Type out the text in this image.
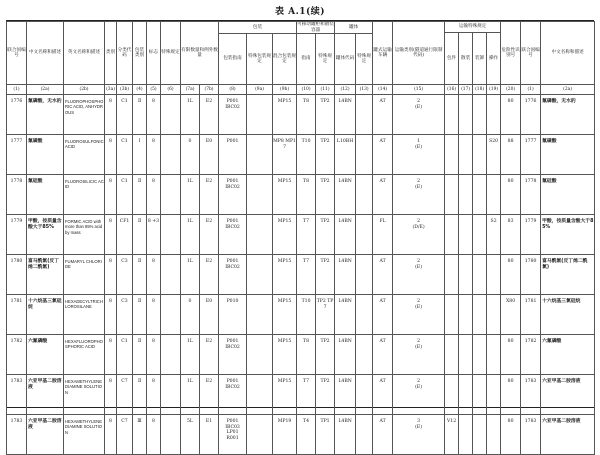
表 A.1(续)
联合国编号	中文名称和描述	英文名称和描述	类别	分类代码	包装类别	标志	特殊规定	有限数量和例外数量		包装			可移动罐柜和散装容器		罐体		罐式运输车辆	运输类别(隧道通行限制代码)	运输特殊规定				危险性识别号	联合国编号	中文名称和描述
																			包件	散装	装卸	操作			
										包装指南	特殊包装规定	混合包装规定	指南	特殊规定	罐体代码	特殊规定									
(1)	(2a)	(2b)	(3a)	(3b)	(4)	(5)	(6)	(7a)	(7b)	(8)	(9a)	(9b)	(10)	(11)	(12)	(13)	(14)	(15)	(16)	(17)	(18)	(19)	(20)	(1)	(2a)
1776	氟磷酸，无水的	FLUOROPHOSPHORIC ACID, ANHYDROUS	8	C1	Ⅱ	8		1L	E2	P001
IBC02		MP15	T8	TP2	L4BN		AT	2
(E)					80	1776	氟磷酸，无水的
1777	氟磺酸	FLUOROSULFONIC ACID	8	C1	Ⅰ	8		0	E0	P001		MP8 MP17	T10	TP2	L10BH		AT	1
(E)				S20	88	1777	氟磺酸
1778	氟硅酸	FLUOROSILICIC ACID	8	C1	Ⅱ	8		1L	E2	P001
IBC02		MP15	T8	TP2	L4BN		AT	2
(E)					80	1778	氟硅酸
1779	甲酸，按质量含酸大于85%	FORMIC ACID with more than 85% acid by mass	8	CF1	Ⅱ	8 +3		1L	E2	P001
IBC02		MP15	T7	TP2	L4BN		FL	2
(D/E)				S2	83	1779	甲酸，按质量含酸大于85%
1780	富马酰氯(反丁烯二酰氯)	FUMARYL CHLORIDE	8	C3	Ⅱ	8		1L	E2	P001
IBC02		MP15	T7	TP2	L4BN		AT	2
(E)					80	1780	富马酰氯(反丁烯二酰氯)
1781	十六烷基三氯硅烷	HEXADECYLTRICHLOROSILANE	8	C3	Ⅱ	8		0	E0	P010		MP15	T10	TP2 TP7	L4BN		AT	2
(E)					X80	1781	十六烷基三氯硅烷
1782	六氟磷酸	HEXAFLUOROPHOSPHORIC ACID	8	C1	Ⅱ	8		1L	E2	P001
IBC02		MP15	T8	TP2	L4BN		AT	2
(E)					80	1782	六氟磷酸
1783	六亚甲基二胺溶液	HEXAMETHYLENEDIAMINE SOLUTION	8	C7	Ⅱ	8		1L	E2	P001
IBC02		MP15	T7	TP2	L4BN		AT	2
(E)					80	1783	六亚甲基二胺溶液
1783	六亚甲基二胺溶液	HEXAMETHYLENEDIAMINE SOLUTION	8	C7	Ⅲ	8		5L	E1	P001
IBC03
LP01
R001		MP19	T4	TP1	L4BN		AT	3
(E)	V12				80	1783	六亚甲基二胺溶液
